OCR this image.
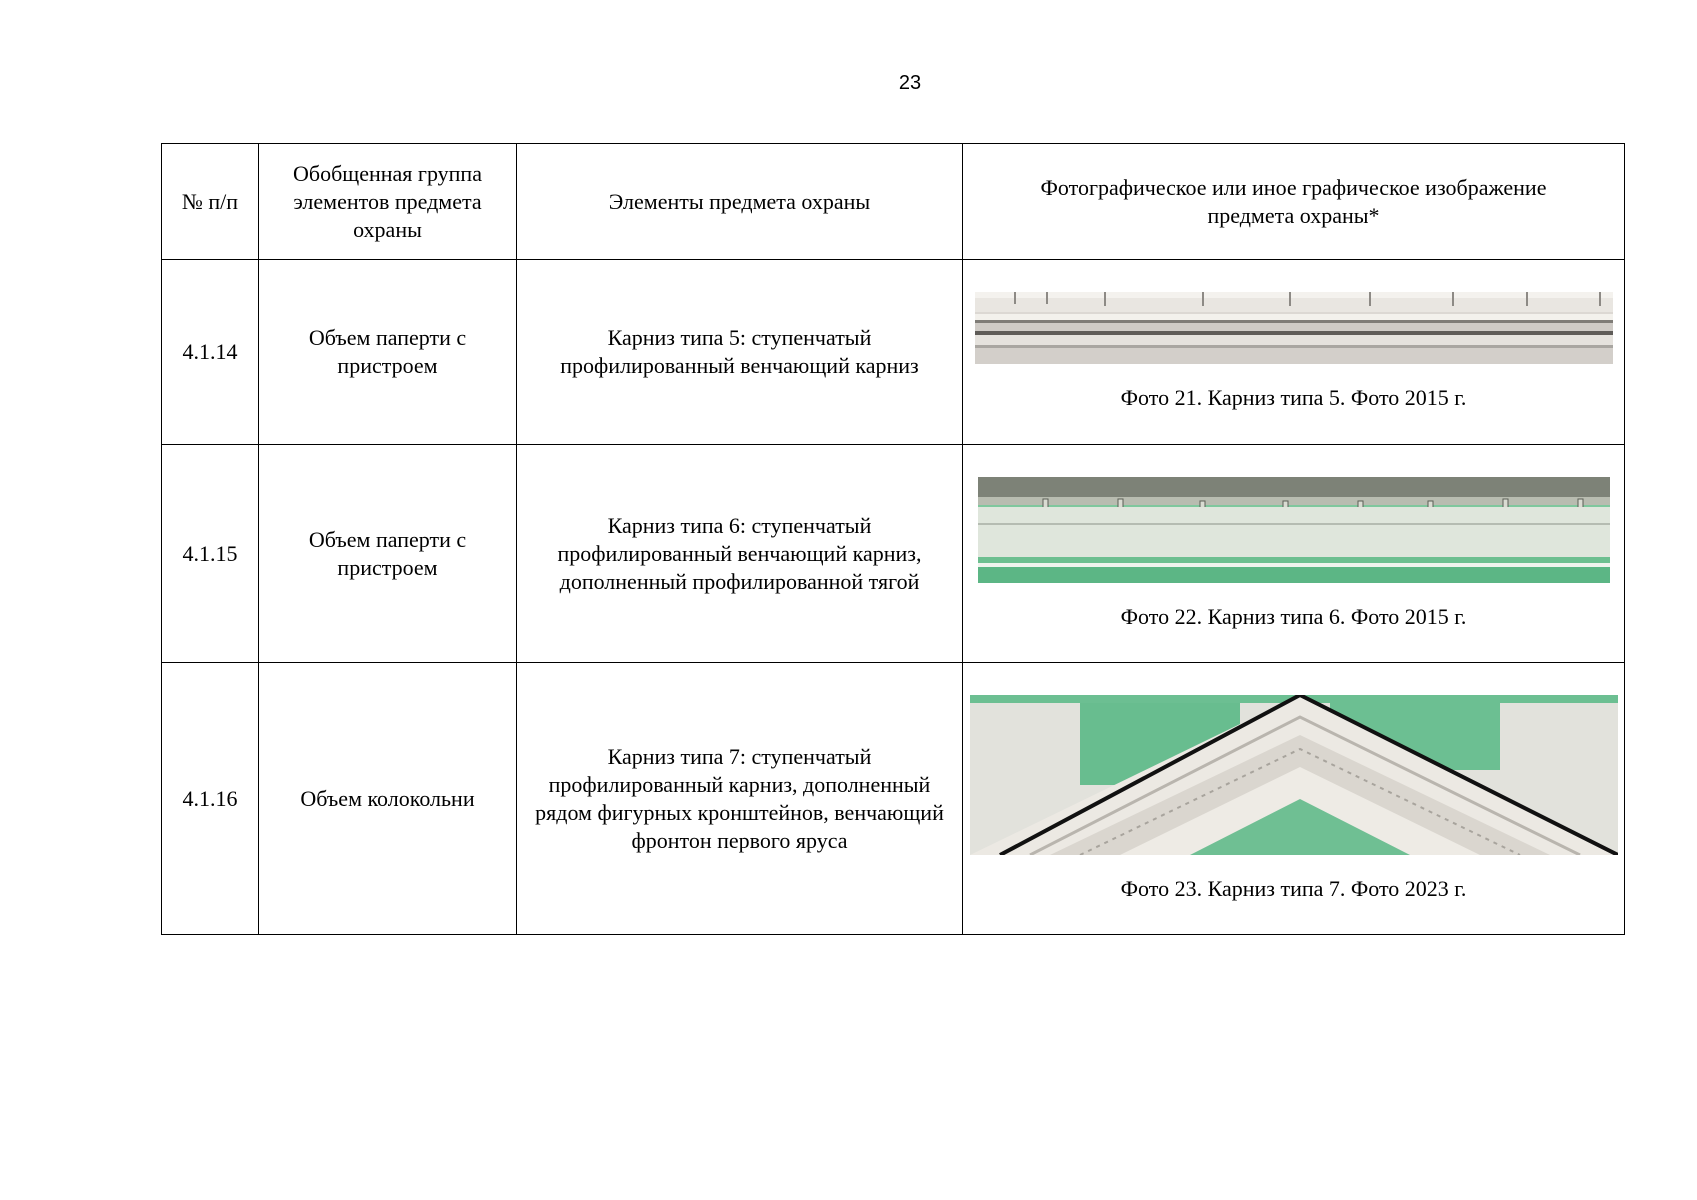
23
№ п/п	Обобщенная группа элементов предмета охраны	Элементы предмета охраны	Фотографическое или иное графическое изображение предмета охраны*
4.1.14	Объем паперти с пристроем	Карниз типа 5: ступенчатый профилированный венчающий карниз	Фото 21. Карниз типа 5. Фото 2015 г.

4.1.15	Объем паперти с пристроем	Карниз типа 6: ступенчатый профилированный венчающий карниз, дополненный профилированной тягой	Фото 22. Карниз типа 6. Фото 2015 г.

4.1.16	Объем колокольни	Карниз типа 7: ступенчатый профилированный карниз, дополненный рядом фигурных кронштейнов, венчающий фронтон первого яруса	Фото 23. Карниз типа 7. Фото 2023 г.
